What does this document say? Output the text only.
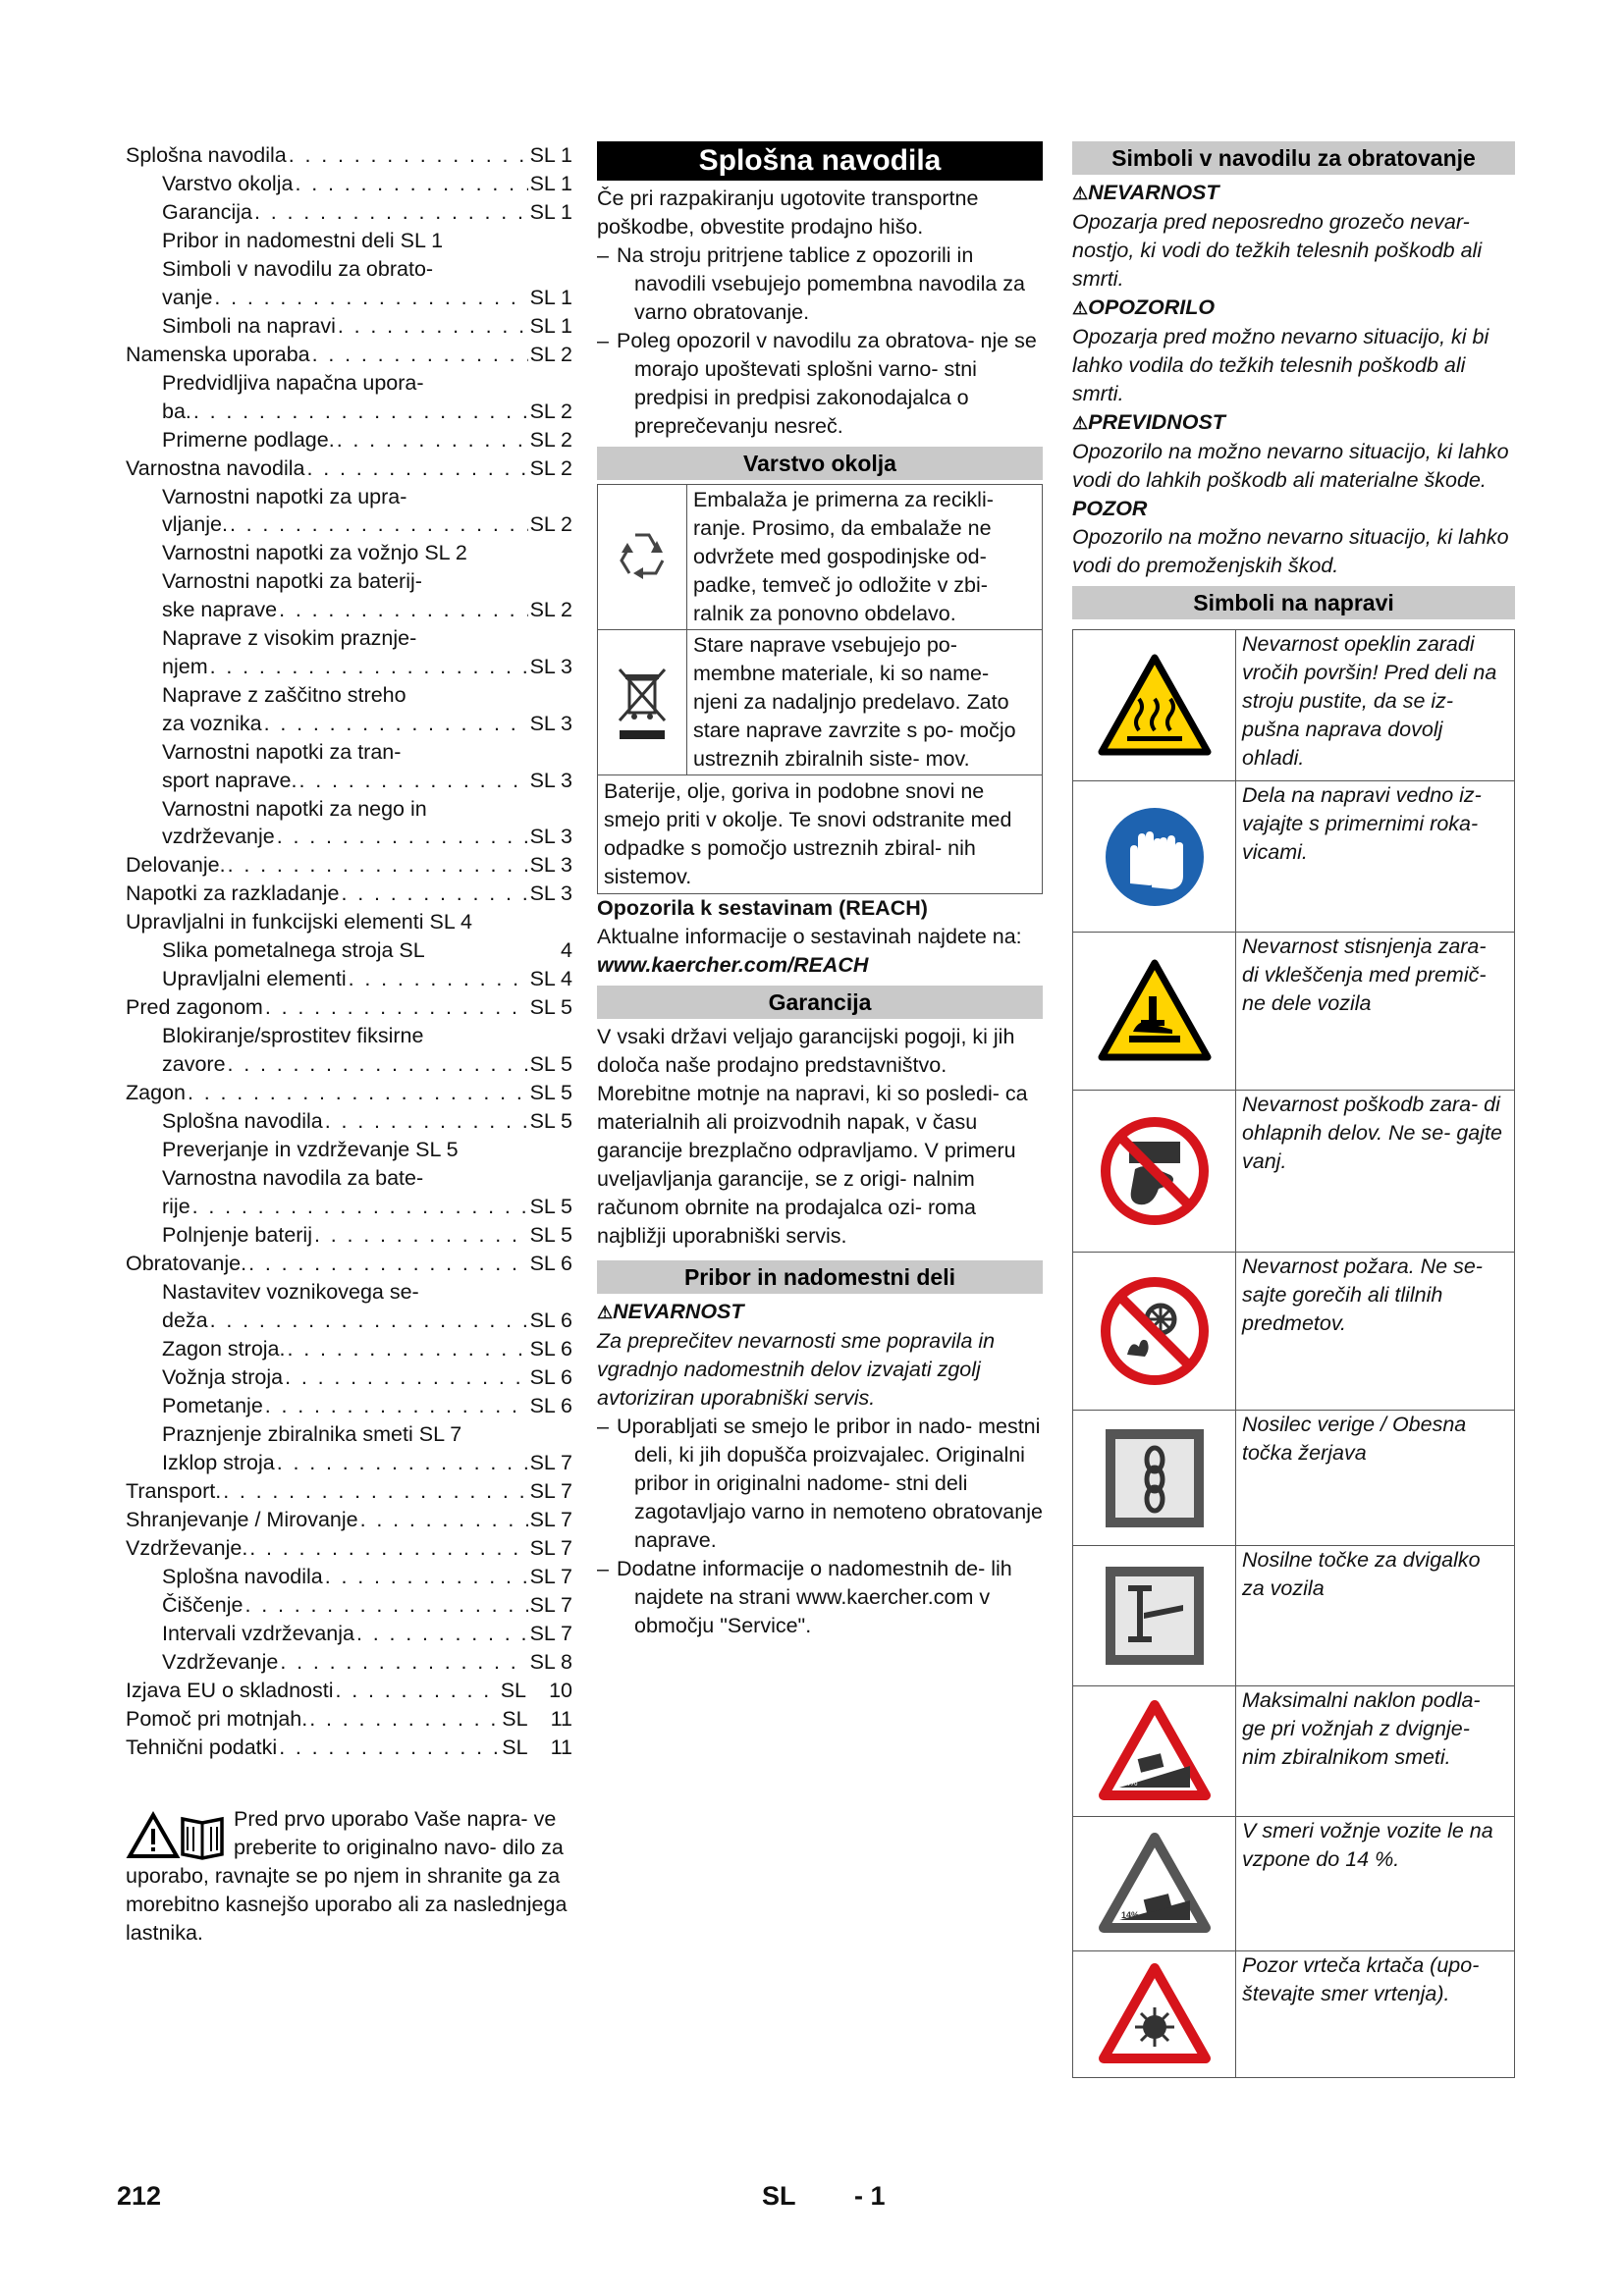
Splošna navodila . . .	SL 1
Varstvo okolja . . .	SL 1
Garancija . . .	SL 1
Pribor in nadomestni deli SL 1
Simboli v navodilu za obrato-
vanje . . .	SL 1
Simboli na napravi . . .	SL 1
Namenska uporaba . . .	SL 2
Predvidljiva napačna upora-
ba. . . .	SL 2
Primerne podlage. . . .	SL 2
Varnostna navodila . . .	SL 2
Varnostni napotki za upra-
vljanje. . . .	SL 2
Varnostni napotki za vožnjo SL 2
Varnostni napotki za baterij-
ske naprave . . .	SL 2
Naprave z visokim praznje-
njem . . .	SL 3
Naprave z zaščitno streho
za voznika . . .	SL 3
Varnostni napotki za tran-
sport naprave. . . .	SL 3
Varnostni napotki za nego in
vzdrževanje . . .	SL 3
Delovanje. . . .	SL 3
Napotki za razkladanje . . .	SL 3
Upravljalni in funkcijski elementi SL 4
Slika pometalnega stroja SL	4
Upravljalni elementi . . .	SL 4
Pred zagonom . . .	SL 5
Blokiranje/sprostitev fiksirne
zavore . . .	SL 5
Zagon . . .	SL 5
Splošna navodila . . .	SL 5
Preverjanje in vzdrževanje SL 5
Varnostna navodila za bate-
rije . . .	SL 5
Polnjenje baterij . . .	SL 5
Obratovanje. . . .	SL 6
Nastavitev voznikovega se-
deža . . .	SL 6
Zagon stroja. . . .	SL 6
Vožnja stroja . . .	SL 6
Pometanje . . .	SL 6
Praznjenje zbiralnika smeti SL 7
Izklop stroja . . .	SL 7
Transport. . . .	SL 7
Shranjevanje / Mirovanje . . .	SL 7
Vzdrževanje. . . .	SL 7
Splošna navodila . . .	SL 7
Čiščenje . . .	SL 7
Intervali vzdrževanja . . .	SL 7
Vzdrževanje . . .	SL 8
Izjava EU o skladnosti . . .	SL    10
Pomoč pri motnjah. . . .	SL    11
Tehnični podatki . . .	SL    11
Pred prvo uporabo Vaše napra- ve preberite to originalno navo- dilo za uporabo, ravnajte se po njem in shranite ga za morebitno kasnejšo uporabo ali za naslednjega lastnika.
Splošna navodila
Če pri razpakiranju ugotovite transportne poškodbe, obvestite prodajno hišo.
– Na stroju pritrjene tablice z opozorili in navodili vsebujejo pomembna navodila za varno obratovanje.
– Poleg opozoril v navodilu za obratova- nje se morajo upoštevati splošni varno- stni predpisi in predpisi zakonodajalca o preprečevanju nesreč.
Varstvo okolja
Embalaža je primerna za recikli- ranje. Prosimo, da embalaže ne odvržete med gospodinjske od- padke, temveč jo odložite v zbi- ralnik za ponovno obdelavo.
Stare naprave vsebujejo po- membne materiale, ki so name- njeni za nadaljnjo predelavo. Zato stare naprave zavrzite s po- močjo ustreznih zbiralnih siste- mov.
Baterije, olje, goriva in podobne snovi ne smejo priti v okolje. Te snovi odstranite med odpadke s pomočjo ustreznih zbiral- nih sistemov.
Opozorila k sestavinam (REACH)
Aktualne informacije o sestavinah najdete na:
www.kaercher.com/REACH
Garancija
V vsaki državi veljajo garancijski pogoji, ki jih določa naše prodajno predstavništvo. Morebitne motnje na napravi, ki so posledi- ca materialnih ali proizvodnih napak, v času garancije brezplačno odpravljamo. V primeru uveljavljanja garancije, se z origi- nalnim računom obrnite na prodajalca ozi- roma najbližji uporabniški servis.
Pribor in nadomestni deli
⚠NEVARNOST
Za preprečitev nevarnosti sme popravila in vgradnjo nadomestnih delov izvajati zgolj avtoriziran uporabniški servis.
– Uporabljati se smejo le pribor in nado- mestni deli, ki jih dopušča proizvajalec. Originalni pribor in originalni nadome- stni deli zagotavljajo varno in nemoteno obratovanje naprave.
– Dodatne informacije o nadomestnih de- lih najdete na strani www.kaercher.com v območju "Service".
Simboli v navodilu za obratovanje
⚠NEVARNOST
Opozarja pred neposredno grozečo nevar- nostjo, ki vodi do težkih telesnih poškodb ali smrti.
⚠OPOZORILO
Opozarja pred možno nevarno situacijo, ki bi lahko vodila do težkih telesnih poškodb ali smrti.
⚠PREVIDNOST
Opozorilo na možno nevarno situacijo, ki lahko vodi do lahkih poškodb ali materialne škode.
POZOR
Opozorilo na možno nevarno situacijo, ki lahko vodi do premoženjskih škod.
Simboli na napravi
Nevarnost opeklin zaradi vročih površin! Pred deli na stroju pustite, da se iz- pušna naprava dovolj ohladi.
Dela na napravi vedno iz- vajajte s primernimi roka- vicami.
Nevarnost stisnjenja zara- di vkleščenja med premič- ne dele vozila
Nevarnost poškodb zara- di ohlapnih delov. Ne se- gajte vanj.
Nevarnost požara. Ne se- sajte gorečih ali tlilnih predmetov.
Nosilec verige / Obesna točka žerjava
Nosilne točke za dvigalko za vozila
x%
Maksimalni naklon podla- ge pri vožnjah z dvignje- nim zbiralnikom smeti.
14%
V smeri vožnje vozite le na vzpone do 14 %.
Pozor vrteča krtača (upo- števajte smer vrtenja).
212	SL - 1
